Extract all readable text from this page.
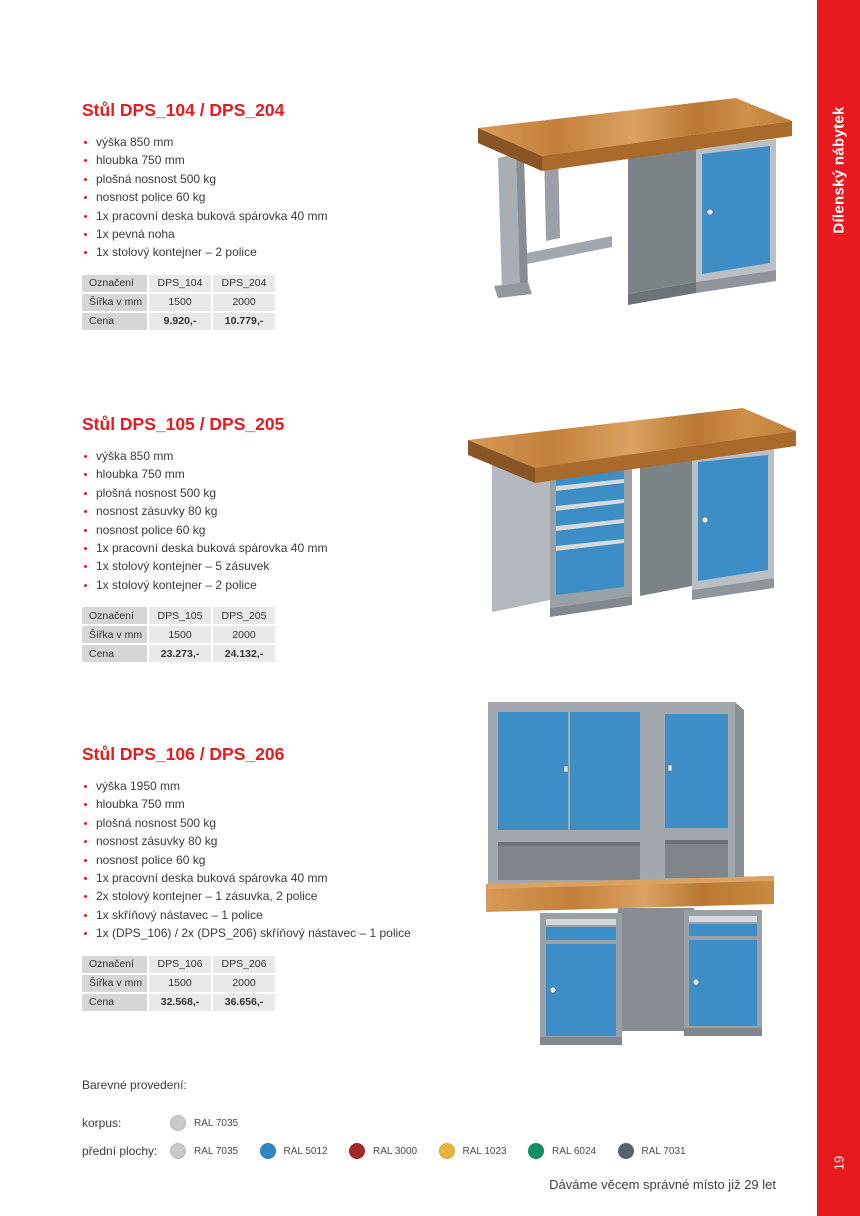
Dílenský nábytek
19
Stůl DPS_104 / DPS_204
výška 850 mm
hloubka 750 mm
plošná nosnost 500 kg
nosnost police 60 kg
1x pracovní deska buková spárovka 40 mm
1x pevná noha
1x stolový kontejner – 2 police
Označení	DPS_104	DPS_204
Šířka v mm	1500	2000
Cena	9.920,-	10.779,-
Stůl DPS_105 / DPS_205
výška 850 mm
hloubka 750 mm
plošná nosnost 500 kg
nosnost zásuvky 80 kg
nosnost police 60 kg
1x pracovní deska buková spárovka 40 mm
1x stolový kontejner – 5 zásuvek
1x stolový kontejner – 2 police
Označení	DPS_105	DPS_205
Šířka v mm	1500	2000
Cena	23.273,-	24.132,-
Stůl DPS_106 / DPS_206
výška 1950 mm
hloubka 750 mm
plošná nosnost 500 kg
nosnost zásuvky 80 kg
nosnost police 60 kg
1x pracovní deska buková spárovka 40 mm
2x stolový kontejner – 1 zásuvka, 2 police
1x skříňový nástavec – 1 police
1x (DPS_106) / 2x (DPS_206) skříňový nástavec – 1 police
Označení	DPS_106	DPS_206
Šířka v mm	1500	2000
Cena	32.568,-	36.656,-
Barevné provedení:
korpus:	RAL 7035
přední plochy:	RAL 7035	RAL 5012	RAL 3000	RAL 1023	RAL 6024	RAL 7031
Dáváme věcem správné místo již 29 let
